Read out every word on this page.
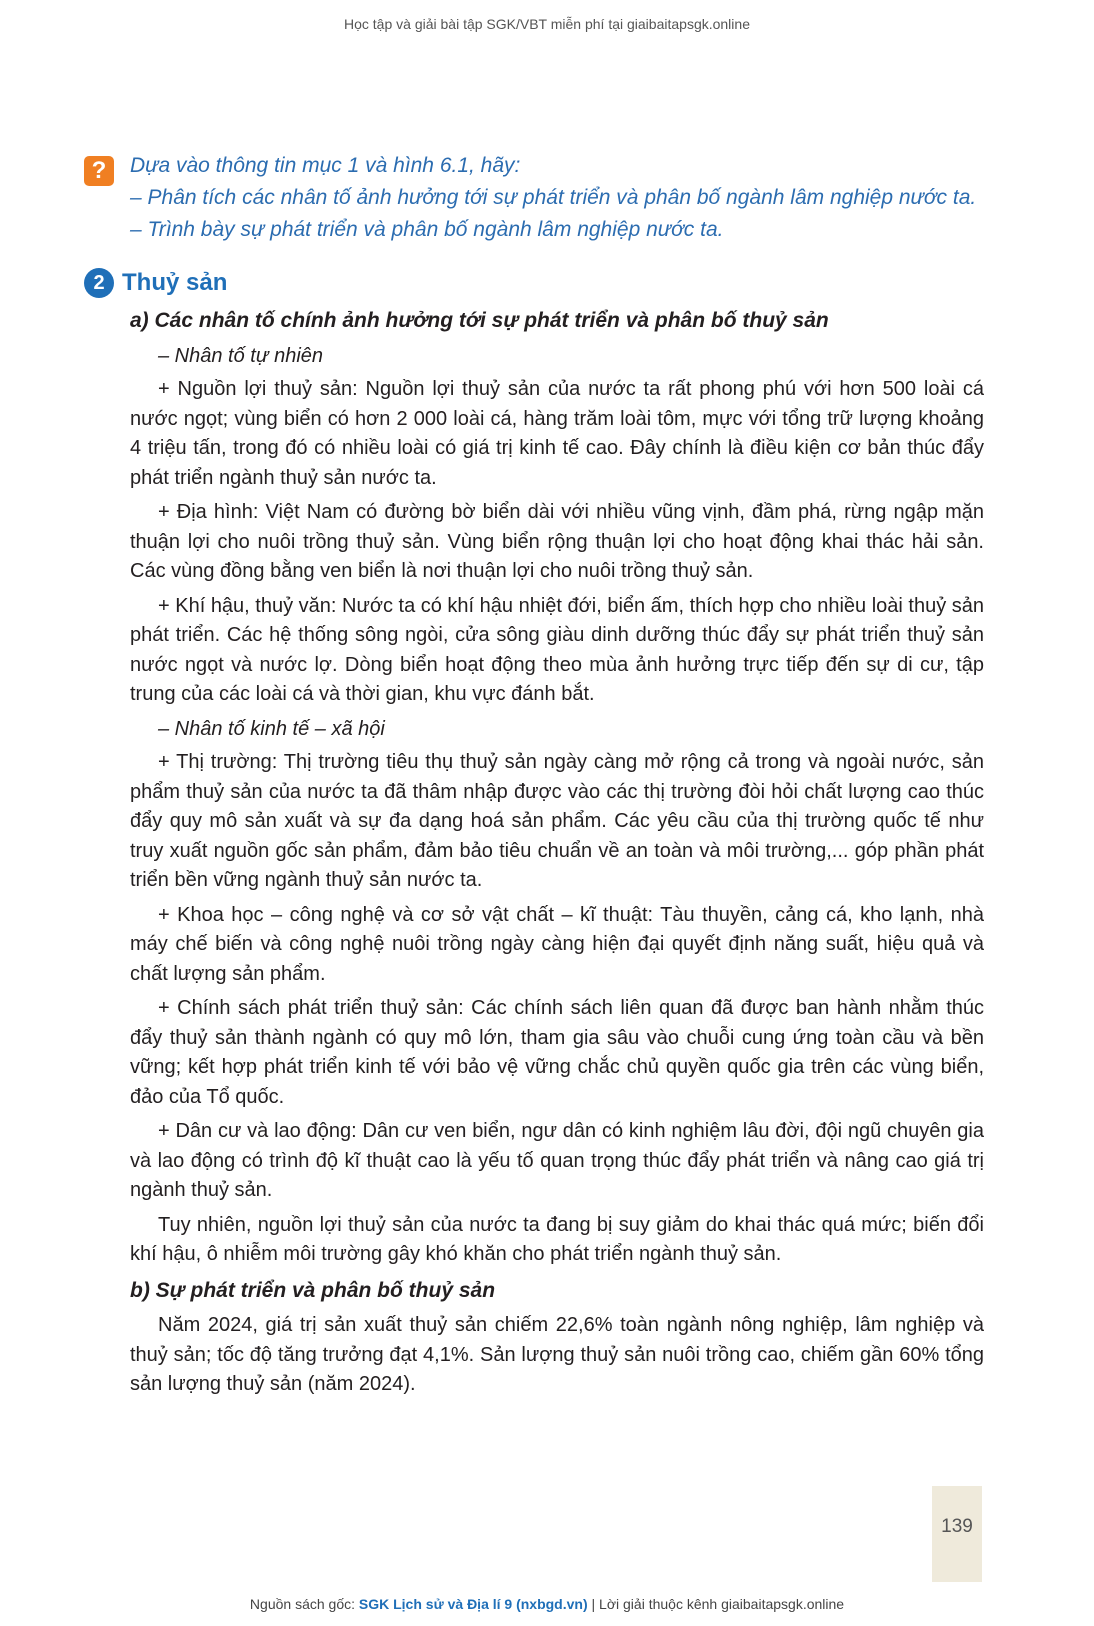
Học tập và giải bài tập SGK/VBT miễn phí tại giaibaitapsgk.online
?	Dựa vào thông tin mục 1 và hình 6.1, hãy:
– Phân tích các nhân tố ảnh hưởng tới sự phát triển và phân bố ngành lâm nghiệp nước ta.
– Trình bày sự phát triển và phân bố ngành lâm nghiệp nước ta.
2 Thuỷ sản
a) Các nhân tố chính ảnh hưởng tới sự phát triển và phân bố thuỷ sản
– Nhân tố tự nhiên

+ Nguồn lợi thuỷ sản: Nguồn lợi thuỷ sản của nước ta rất phong phú với hơn 500 loài cá nước ngọt; vùng biển có hơn 2 000 loài cá, hàng trăm loài tôm, mực với tổng trữ lượng khoảng 4 triệu tấn, trong đó có nhiều loài có giá trị kinh tế cao. Đây chính là điều kiện cơ bản thúc đẩy phát triển ngành thuỷ sản nước ta.

+ Địa hình: Việt Nam có đường bờ biển dài với nhiều vũng vịnh, đầm phá, rừng ngập mặn thuận lợi cho nuôi trồng thuỷ sản. Vùng biển rộng thuận lợi cho hoạt động khai thác hải sản. Các vùng đồng bằng ven biển là nơi thuận lợi cho nuôi trồng thuỷ sản.

+ Khí hậu, thuỷ văn: Nước ta có khí hậu nhiệt đới, biển ấm, thích hợp cho nhiều loài thuỷ sản phát triển. Các hệ thống sông ngòi, cửa sông giàu dinh dưỡng thúc đẩy sự phát triển thuỷ sản nước ngọt và nước lợ. Dòng biển hoạt động theo mùa ảnh hưởng trực tiếp đến sự di cư, tập trung của các loài cá và thời gian, khu vực đánh bắt.

– Nhân tố kinh tế – xã hội

+ Thị trường: Thị trường tiêu thụ thuỷ sản ngày càng mở rộng cả trong và ngoài nước, sản phẩm thuỷ sản của nước ta đã thâm nhập được vào các thị trường đòi hỏi chất lượng cao thúc đẩy quy mô sản xuất và sự đa dạng hoá sản phẩm. Các yêu cầu của thị trường quốc tế như truy xuất nguồn gốc sản phẩm, đảm bảo tiêu chuẩn về an toàn và môi trường,... góp phần phát triển bền vững ngành thuỷ sản nước ta.

+ Khoa học – công nghệ và cơ sở vật chất – kĩ thuật: Tàu thuyền, cảng cá, kho lạnh, nhà máy chế biến và công nghệ nuôi trồng ngày càng hiện đại quyết định năng suất, hiệu quả và chất lượng sản phẩm.

+ Chính sách phát triển thuỷ sản: Các chính sách liên quan đã được ban hành nhằm thúc đẩy thuỷ sản thành ngành có quy mô lớn, tham gia sâu vào chuỗi cung ứng toàn cầu và bền vững; kết hợp phát triển kinh tế với bảo vệ vững chắc chủ quyền quốc gia trên các vùng biển, đảo của Tổ quốc.

+ Dân cư và lao động: Dân cư ven biển, ngư dân có kinh nghiệm lâu đời, đội ngũ chuyên gia và lao động có trình độ kĩ thuật cao là yếu tố quan trọng thúc đẩy phát triển và nâng cao giá trị ngành thuỷ sản.

Tuy nhiên, nguồn lợi thuỷ sản của nước ta đang bị suy giảm do khai thác quá mức; biến đổi khí hậu, ô nhiễm môi trường gây khó khăn cho phát triển ngành thuỷ sản.

b) Sự phát triển và phân bố thuỷ sản

Năm 2024, giá trị sản xuất thuỷ sản chiếm 22,6% toàn ngành nông nghiệp, lâm nghiệp và thuỷ sản; tốc độ tăng trưởng đạt 4,1%. Sản lượng thuỷ sản nuôi trồng cao, chiếm gần 60% tổng sản lượng thuỷ sản (năm 2024).

139
Nguồn sách gốc: SGK Lịch sử và Địa lí 9 (nxbgd.vn) | Lời giải thuộc kênh giaibaitapsgk.online
